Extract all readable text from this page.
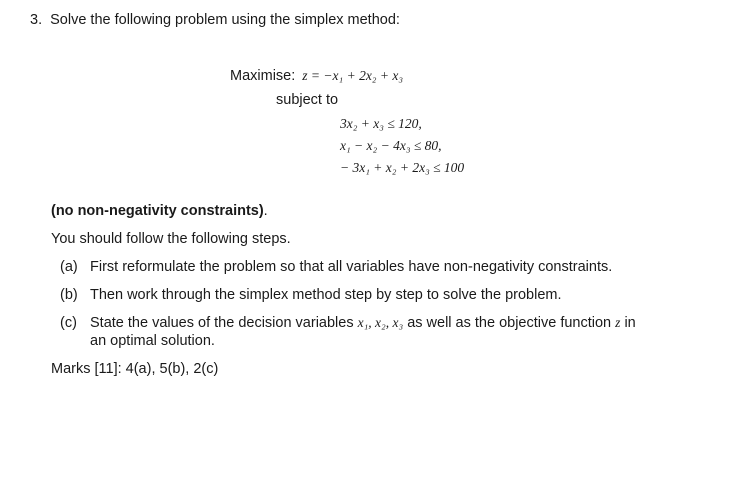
3. Solve the following problem using the simplex method:
Maximise: z = −x₁ + 2x₂ + x₃
subject to
3x₂ + x₃ ≤ 120,
x₁ − x₂ − 4x₃ ≤ 80,
− 3x₁ + x₂ + 2x₃ ≤ 100
(no non-negativity constraints).
You should follow the following steps.
(a) First reformulate the problem so that all variables have non-negativity constraints.
(b) Then work through the simplex method step by step to solve the problem.
(c) State the values of the decision variables x₁, x₂, x₃ as well as the objective function z in
an optimal solution.
Marks [11]: 4(a), 5(b), 2(c)
